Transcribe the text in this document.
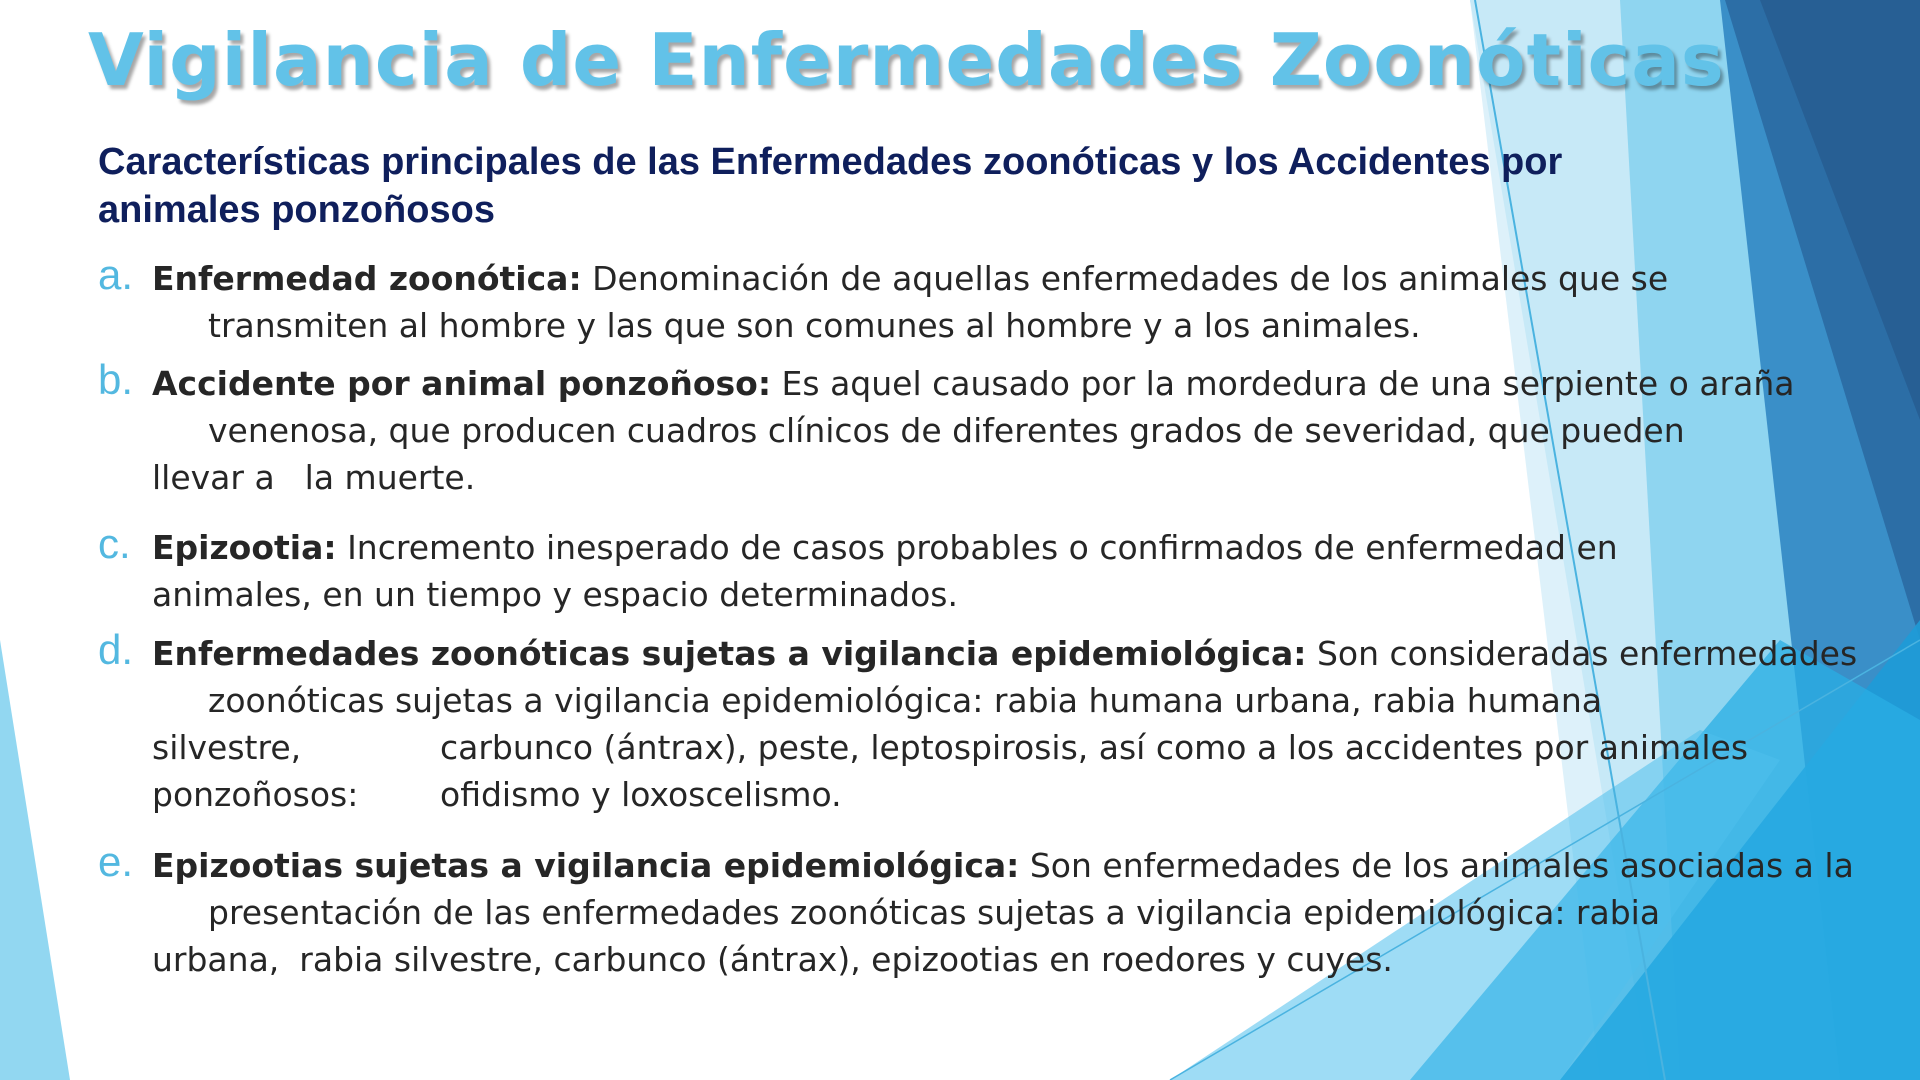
Vigilancia de Enfermedades Zoonóticas
Características principales de las Enfermedades zoonóticas y los Accidentes por animales ponzoñosos
a. Enfermedad zoonótica: Denominación de aquellas enfermedades de los animales que se
transmiten al hombre y las que son comunes al hombre y a los animales.
b. Accidente por animal ponzoñoso: Es aquel causado por la mordedura de una serpiente o araña
venenosa, que producen cuadros clínicos de diferentes grados de severidad, que pueden
llevar a la muerte.
c. Epizootia: Incremento inesperado de casos probables o confirmados de enfermedad en
animales, en un tiempo y espacio determinados.
d. Enfermedades zoonóticas sujetas a vigilancia epidemiológica: Son consideradas enfermedades
zoonóticas sujetas a vigilancia epidemiológica: rabia humana urbana, rabia humana
silvestre,	carbunco (ántrax), peste, leptospirosis, así como a los accidentes por animales
ponzoñosos: ofidismo y loxoscelismo.
e. Epizootias sujetas a vigilancia epidemiológica: Son enfermedades de los animales asociadas a la
presentación de las enfermedades zoonóticas sujetas a vigilancia epidemiológica: rabia
urbana, rabia silvestre, carbunco (ántrax), epizootias en roedores y cuyes.
